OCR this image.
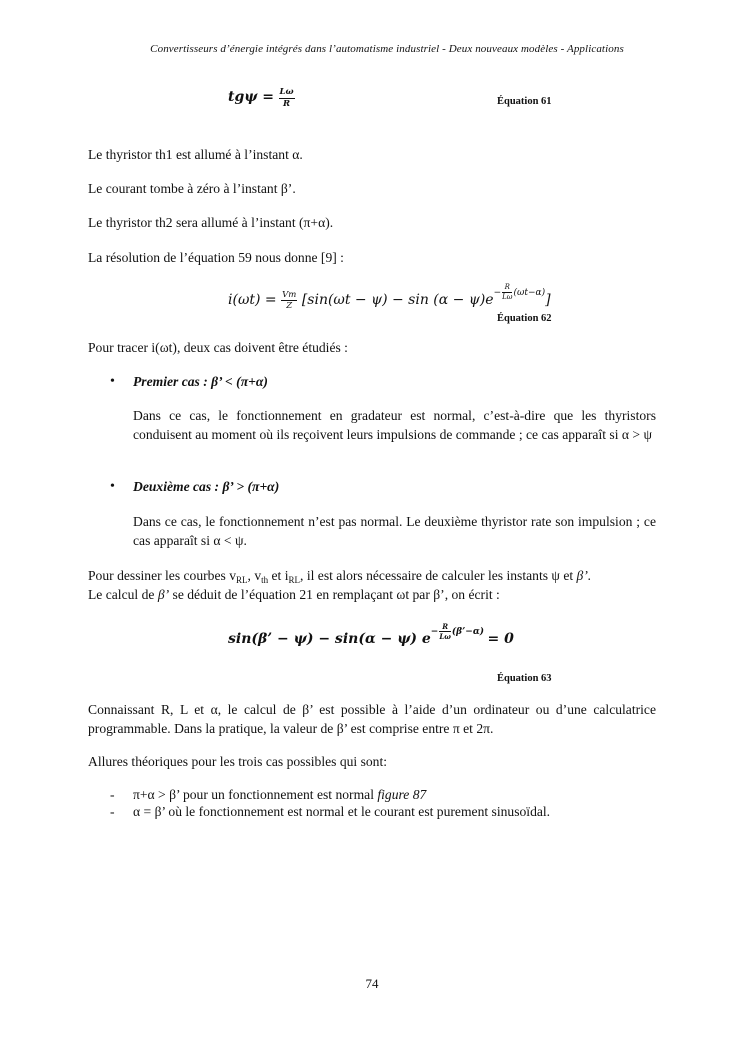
Convertisseurs d’énergie intégrés dans l’automatisme industriel - Deux nouveaux modèles - Applications
$tg\psi = \frac{L\omega}{R}$	Équation 61
Le thyristor th1 est allumé à l’instant α.
Le courant tombe à zéro à l’instant β’.
Le thyristor th2 sera allumé à l’instant (π+α).
La résolution de l’équation 59 nous donne [9] :
$i(\omega t) = \frac{Vm}{Z} [\sin(\omega t - \psi) - \sin (\alpha - \psi)e- \frac{R}{L\omega} (\omega t-\alpha)]$
Équation 62
Pour tracer i(ωt), deux cas doivent être étudiés :
• Premier cas : β’ < (π+α)
Dans ce cas, le fonctionnement en gradateur est normal, c’est-à-dire que les thyristors conduisent au moment où ils reçoivent leurs impulsions de commande ; ce cas apparaît si α > ψ
• Deuxième cas : β’ > (π+α)
Dans ce cas, le fonctionnement n’est pas normal. Le deuxième thyristor rate son impulsion ; ce cas apparaît si α < ψ.
Pour dessiner les courbes $v_{RL}$, $v_{th}$ et $i_{RL}$, il est alors nécessaire de calculer les instants ψ et β’.
Le calcul de β’ se déduit de l’équation 21 en remplaçant ωt par β’, on écrit :
sin(β’ − ψ) − sin(α − ψ) $e- \frac{R}{L\omega}$ (β’−α) = 0
Équation 63
Connaissant R, L et α, le calcul de β’ est possible à l’aide d’un ordinateur ou d’une calculatrice programmable. Dans la pratique, la valeur de β’ est comprise entre π et 2π.
Allures théoriques pour les trois cas possibles qui sont:
- π+α > β’ pour un fonctionnement est normal figure 87
- α = β’ où le fonctionnement est normal et le courant est purement sinusoïdal.
74
